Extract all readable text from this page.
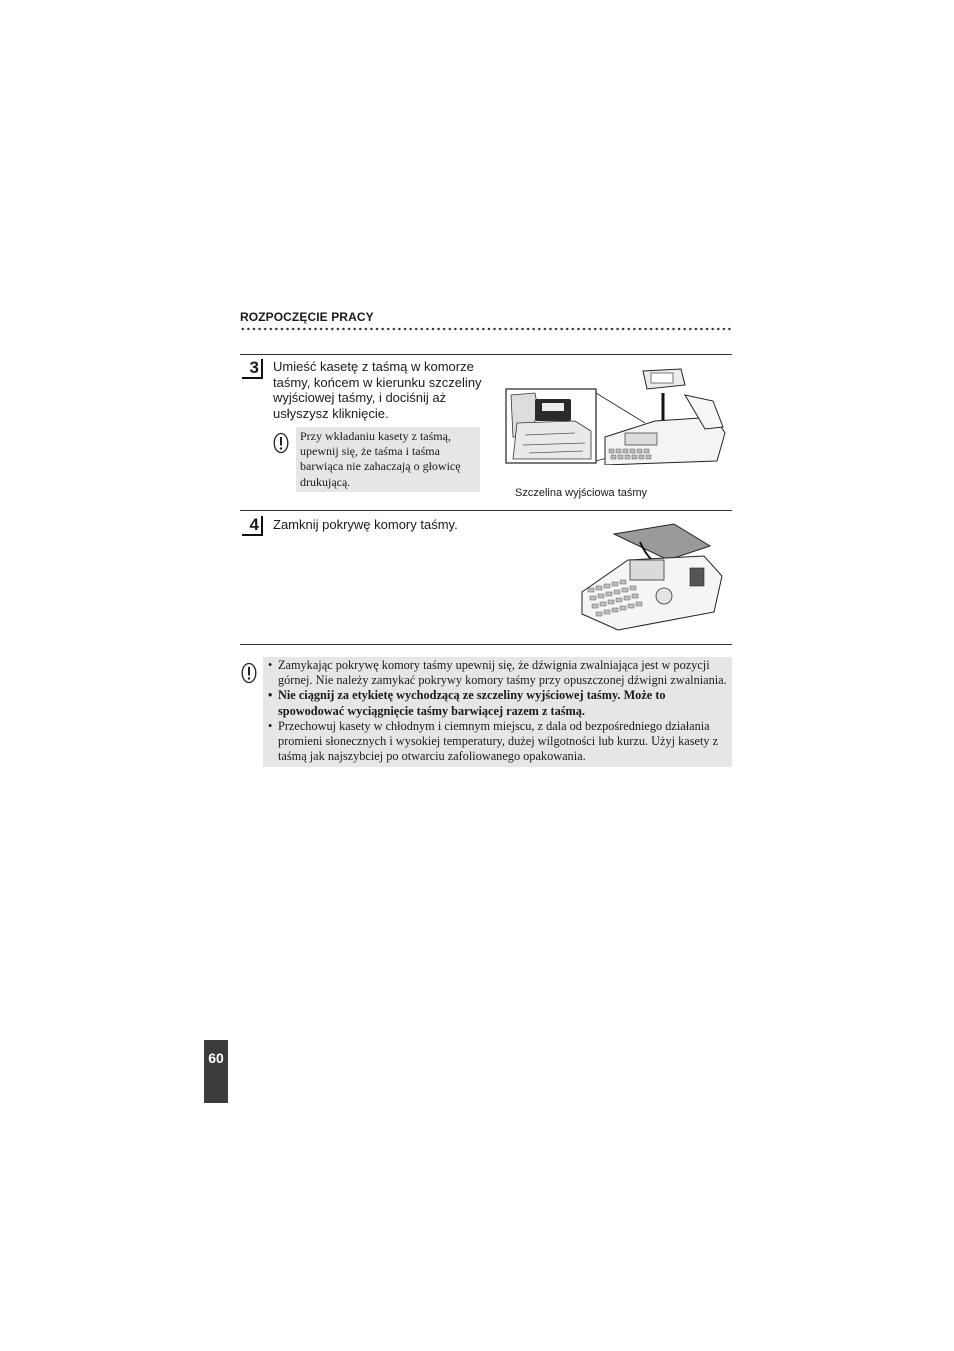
ROZPOCZĘCIE PRACY
3	Umieść kasetę z taśmą w komorze taśmy, końcem w kierunku szczeliny wyjściowej taśmy, i dociśnij aż usłyszysz kliknięcie.

Przy wkładaniu kasety z taśmą, upewnij się, że taśma i taśma barwiąca nie zahaczają o głowicę drukującą.

Szczelina wyjściowa taśmy
4	Zamknij pokrywę komory taśmy.
• Zamykając pokrywę komory taśmy upewnij się, że dźwignia zwalniająca jest w pozycji górnej. Nie należy zamykać pokrywy komory taśmy przy opuszczonej dźwigni zwalniania.
• Nie ciągnij za etykietę wychodzącą ze szczeliny wyjściowej taśmy. Może to spowodować wyciągnięcie taśmy barwiącej razem z taśmą.
• Przechowuj kasety w chłodnym i ciemnym miejscu, z dala od bezpośredniego działania promieni słonecznych i wysokiej temperatury, dużej wilgotności lub kurzu. Użyj kasety z taśmą jak najszybciej po otwarciu zafoliowanego opakowania.
60
